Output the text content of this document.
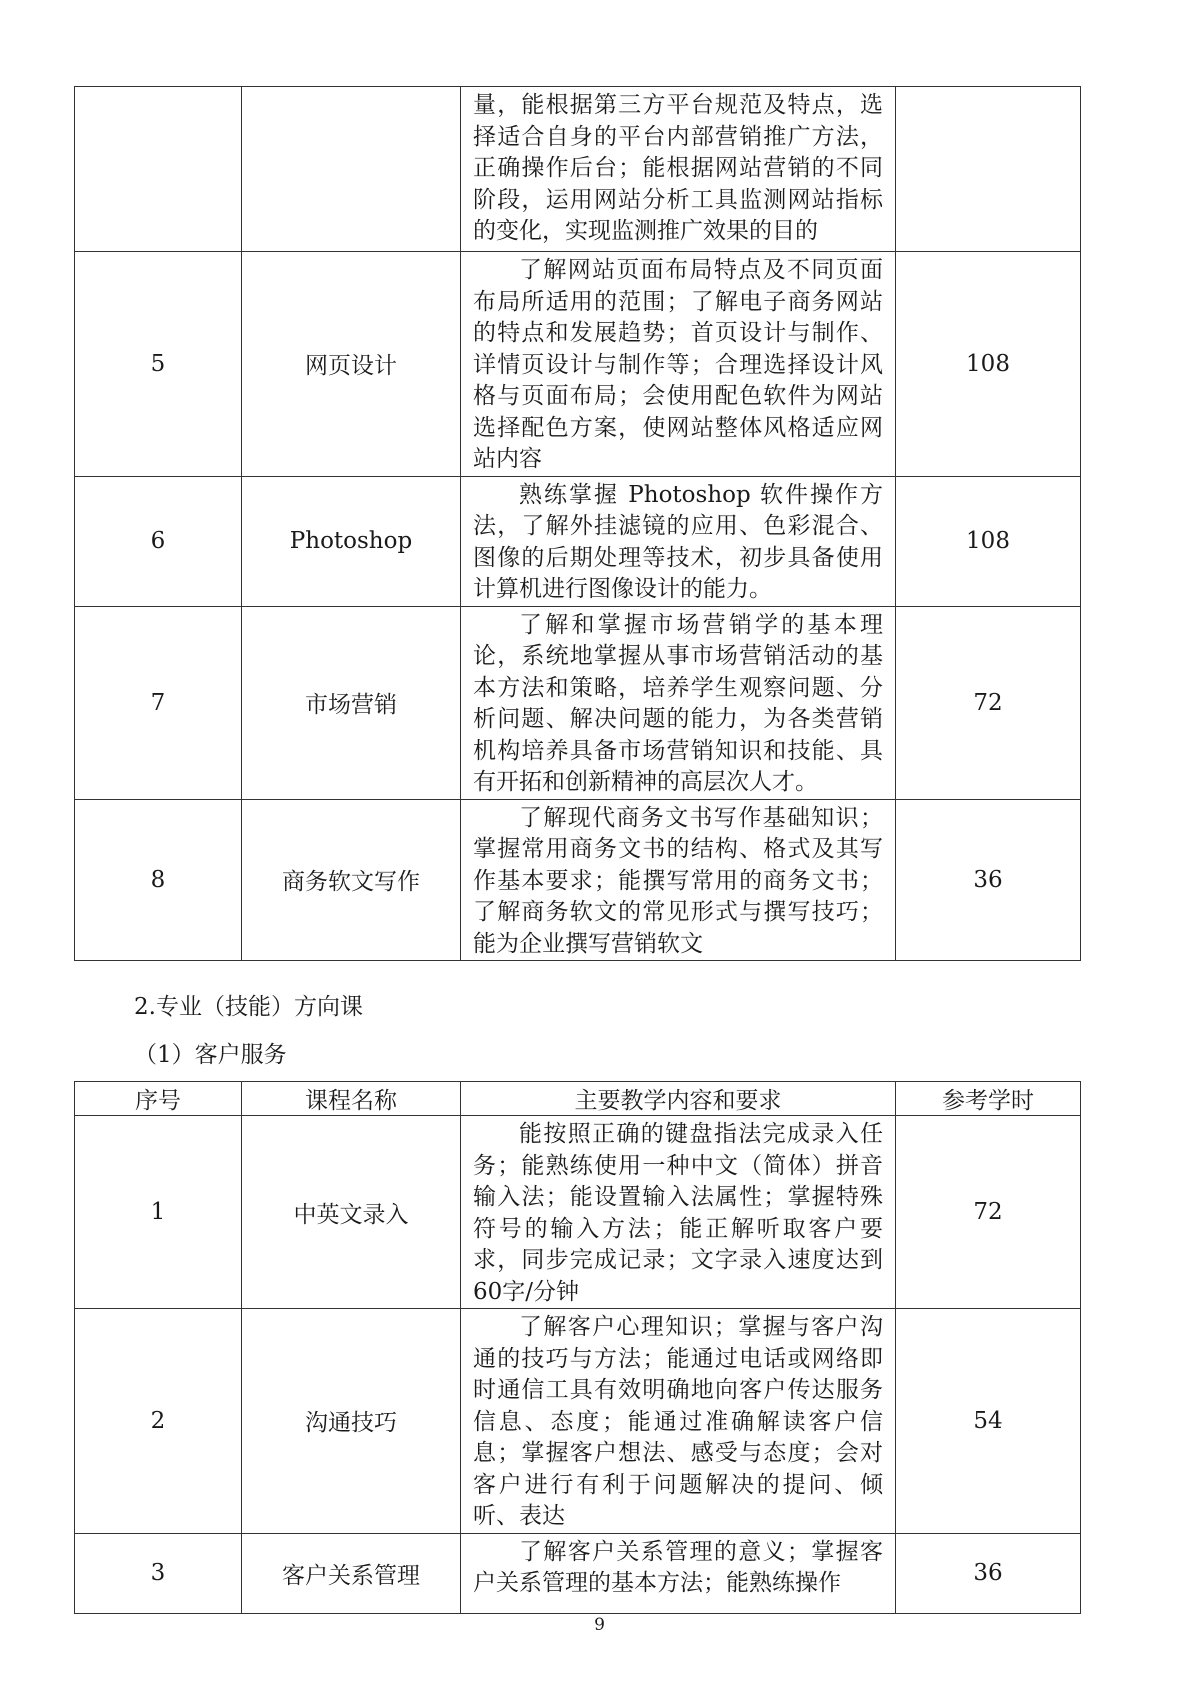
		量，能根据第三方平台规范及特点，选择适合自身的平台内部营销推广方法，正确操作后台；能根据网站营销的不同阶段，运用网站分析工具监测网站指标的变化，实现监测推广效果的目的	

5	网页设计	了解网站页面布局特点及不同页面布局所适用的范围；了解电子商务网站的特点和发展趋势；首页设计与制作、详情页设计与制作等；合理选择设计风格与页面布局；会使用配色软件为网站选择配色方案，使网站整体风格适应网站内容	108
6	Photoshop	熟练掌握 Photoshop 软件操作方法，了解外挂滤镜的应用、色彩混合、图像的后期处理等技术，初步具备使用计算机进行图像设计的能力。	108
7	市场营销	了解和掌握市场营销学的基本理论，系统地掌握从事市场营销活动的基本方法和策略，培养学生观察问题、分析问题、解决问题的能力，为各类营销机构培养具备市场营销知识和技能、具有开拓和创新精神的高层次人才。	72
8	商务软文写作	了解现代商务文书写作基础知识；掌握常用商务文书的结构、格式及其写作基本要求；能撰写常用的商务文书；了解商务软文的常见形式与撰写技巧；能为企业撰写营销软文	36
2.专业（技能）方向课
（1）客户服务
序号	课程名称	主要教学内容和要求	参考学时
1	中英文录入	能按照正确的键盘指法完成录入任务；能熟练使用一种中文（简体）拼音输入法；能设置输入法属性；掌握特殊符号的输入方法；能正解听取客户要求，同步完成记录；文字录入速度达到60字/分钟	72
2	沟通技巧	了解客户心理知识；掌握与客户沟通的技巧与方法；能通过电话或网络即时通信工具有效明确地向客户传达服务信息、态度；能通过准确解读客户信息；掌握客户想法、感受与态度；会对客户进行有利于问题解决的提问、倾听、表达	54
3	客户关系管理	了解客户关系管理的意义；掌握客户关系管理的基本方法；能熟练操作	36
9
